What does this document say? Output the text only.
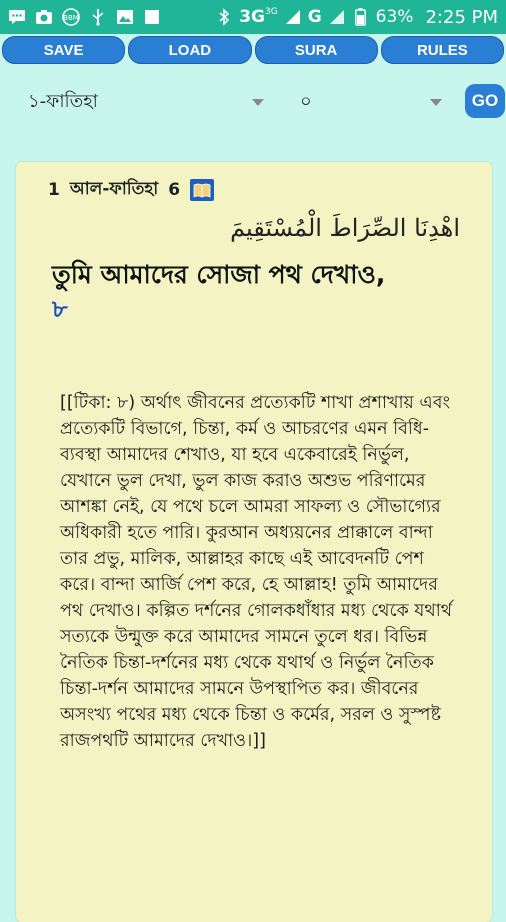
BBM	3G 3G G	63% 2:25 PM
SAVE	LOAD	SURA	RULES
১-ফাতিহা	০	GO
1 আল-ফাতিহা 6
اهْدِنَا الصِّرَاطَ الْمُسْتَقِيمَ
তুমি আমাদের সোজা পথ দেখাও,
৮
[[টিকা: ৮) অর্থাৎ জীবনের প্রত্যেকটি শাখা প্রশাখায় এবং প্রত্যেকটি বিভাগে, চিন্তা, কর্ম ও আচরণের এমন বিধি-ব্যবস্থা আমাদের শেখাও, যা হবে একেবারেই নির্ভুল, যেখানে ভুল দেখা, ভুল কাজ করাও অশুভ পরিণামের আশঙ্কা নেই, যে পথে চলে আমরা সাফল্য ও সৌভাগ্যের অধিকারী হতে পারি। কুরআন অধ্যয়নের প্রাক্কালে বান্দা তার প্রভু, মালিক, আল্লাহর কাছে এই আবেদনটি পেশ করে। বান্দা আর্জি পেশ করে, হে আল্লাহ! তুমি আমাদের পথ দেখাও। কল্পিত দর্শনের গোলকধাঁধার মধ্য থেকে যথার্থ সত্যকে উন্মুক্ত করে আমাদের সামনে তুলে ধর। বিভিন্ন নৈতিক চিন্তা-দর্শনের মধ্য থেকে যথার্থ ও নির্ভুল নৈতিক চিন্তা-দর্শন আমাদের সামনে উপস্থাপিত কর। জীবনের অসংখ্য পথের মধ্য থেকে চিন্তা ও কর্মের, সরল ও সুস্পষ্ট রাজপথটি আমাদের দেখাও।]]
